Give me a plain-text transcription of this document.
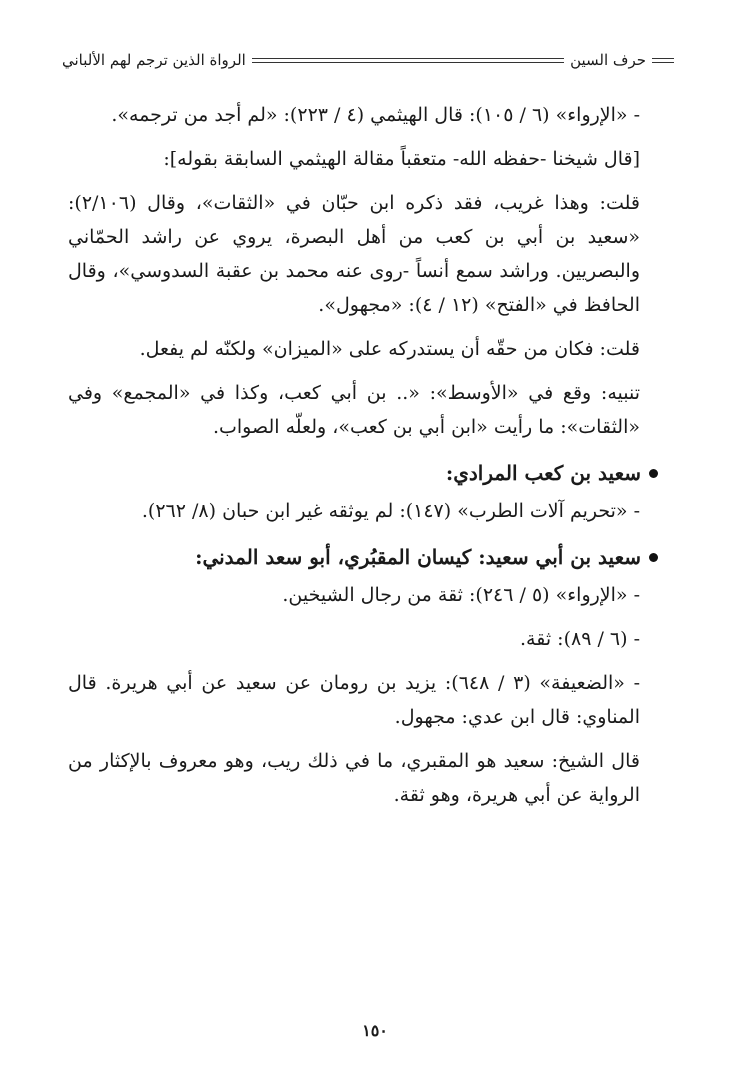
الرواة الذين ترجم لهم الألباني	حرف السين

- «الإرواء» (٦ / ١٠٥): قال الهيثمي (٤ / ٢٢٣): «لم أجد من ترجمه».

[قال شيخنا -حفظه الله- متعقباً مقالة الهيثمي السابقة بقوله]:

قلت: وهذا غريب، فقد ذكره ابن حبّان في «الثقات»، وقال (٢/١٠٦): «سعيد بن أبي بن كعب من أهل البصرة، يروي عن راشد الحمّاني والبصريين. وراشد سمع أنساً -روى عنه محمد بن عقبة السدوسي»، وقال الحافظ في «الفتح» (١٢ / ٤): «مجهول».

قلت: فكان من حقّه أن يستدركه على «الميزان» ولكنّه لم يفعل.

تنبيه: وقع في «الأوسط»: «.. بن أبي كعب، وكذا في «المجمع» وفي «الثقات»: ما رأيت «ابن أبي بن كعب»، ولعلّه الصواب.

سعيد بن كعب المرادي:

- «تحريم آلات الطرب» (١٤٧): لم يوثقه غير ابن حبان (٨/ ٢٦٢).

سعيد بن أبي سعيد: كيسان المقبُري، أبو سعد المدني:

- «الإرواء» (٥ / ٢٤٦): ثقة من رجال الشيخين.

- (٦ / ٨٩): ثقة.

- «الضعيفة» (٣ / ٦٤٨): يزيد بن رومان عن سعيد عن أبي هريرة. قال المناوي: قال ابن عدي: مجهول.

قال الشيخ: سعيد هو المقبري، ما في ذلك ريب، وهو معروف بالإكثار من الرواية عن أبي هريرة، وهو ثقة.

١٥٠
